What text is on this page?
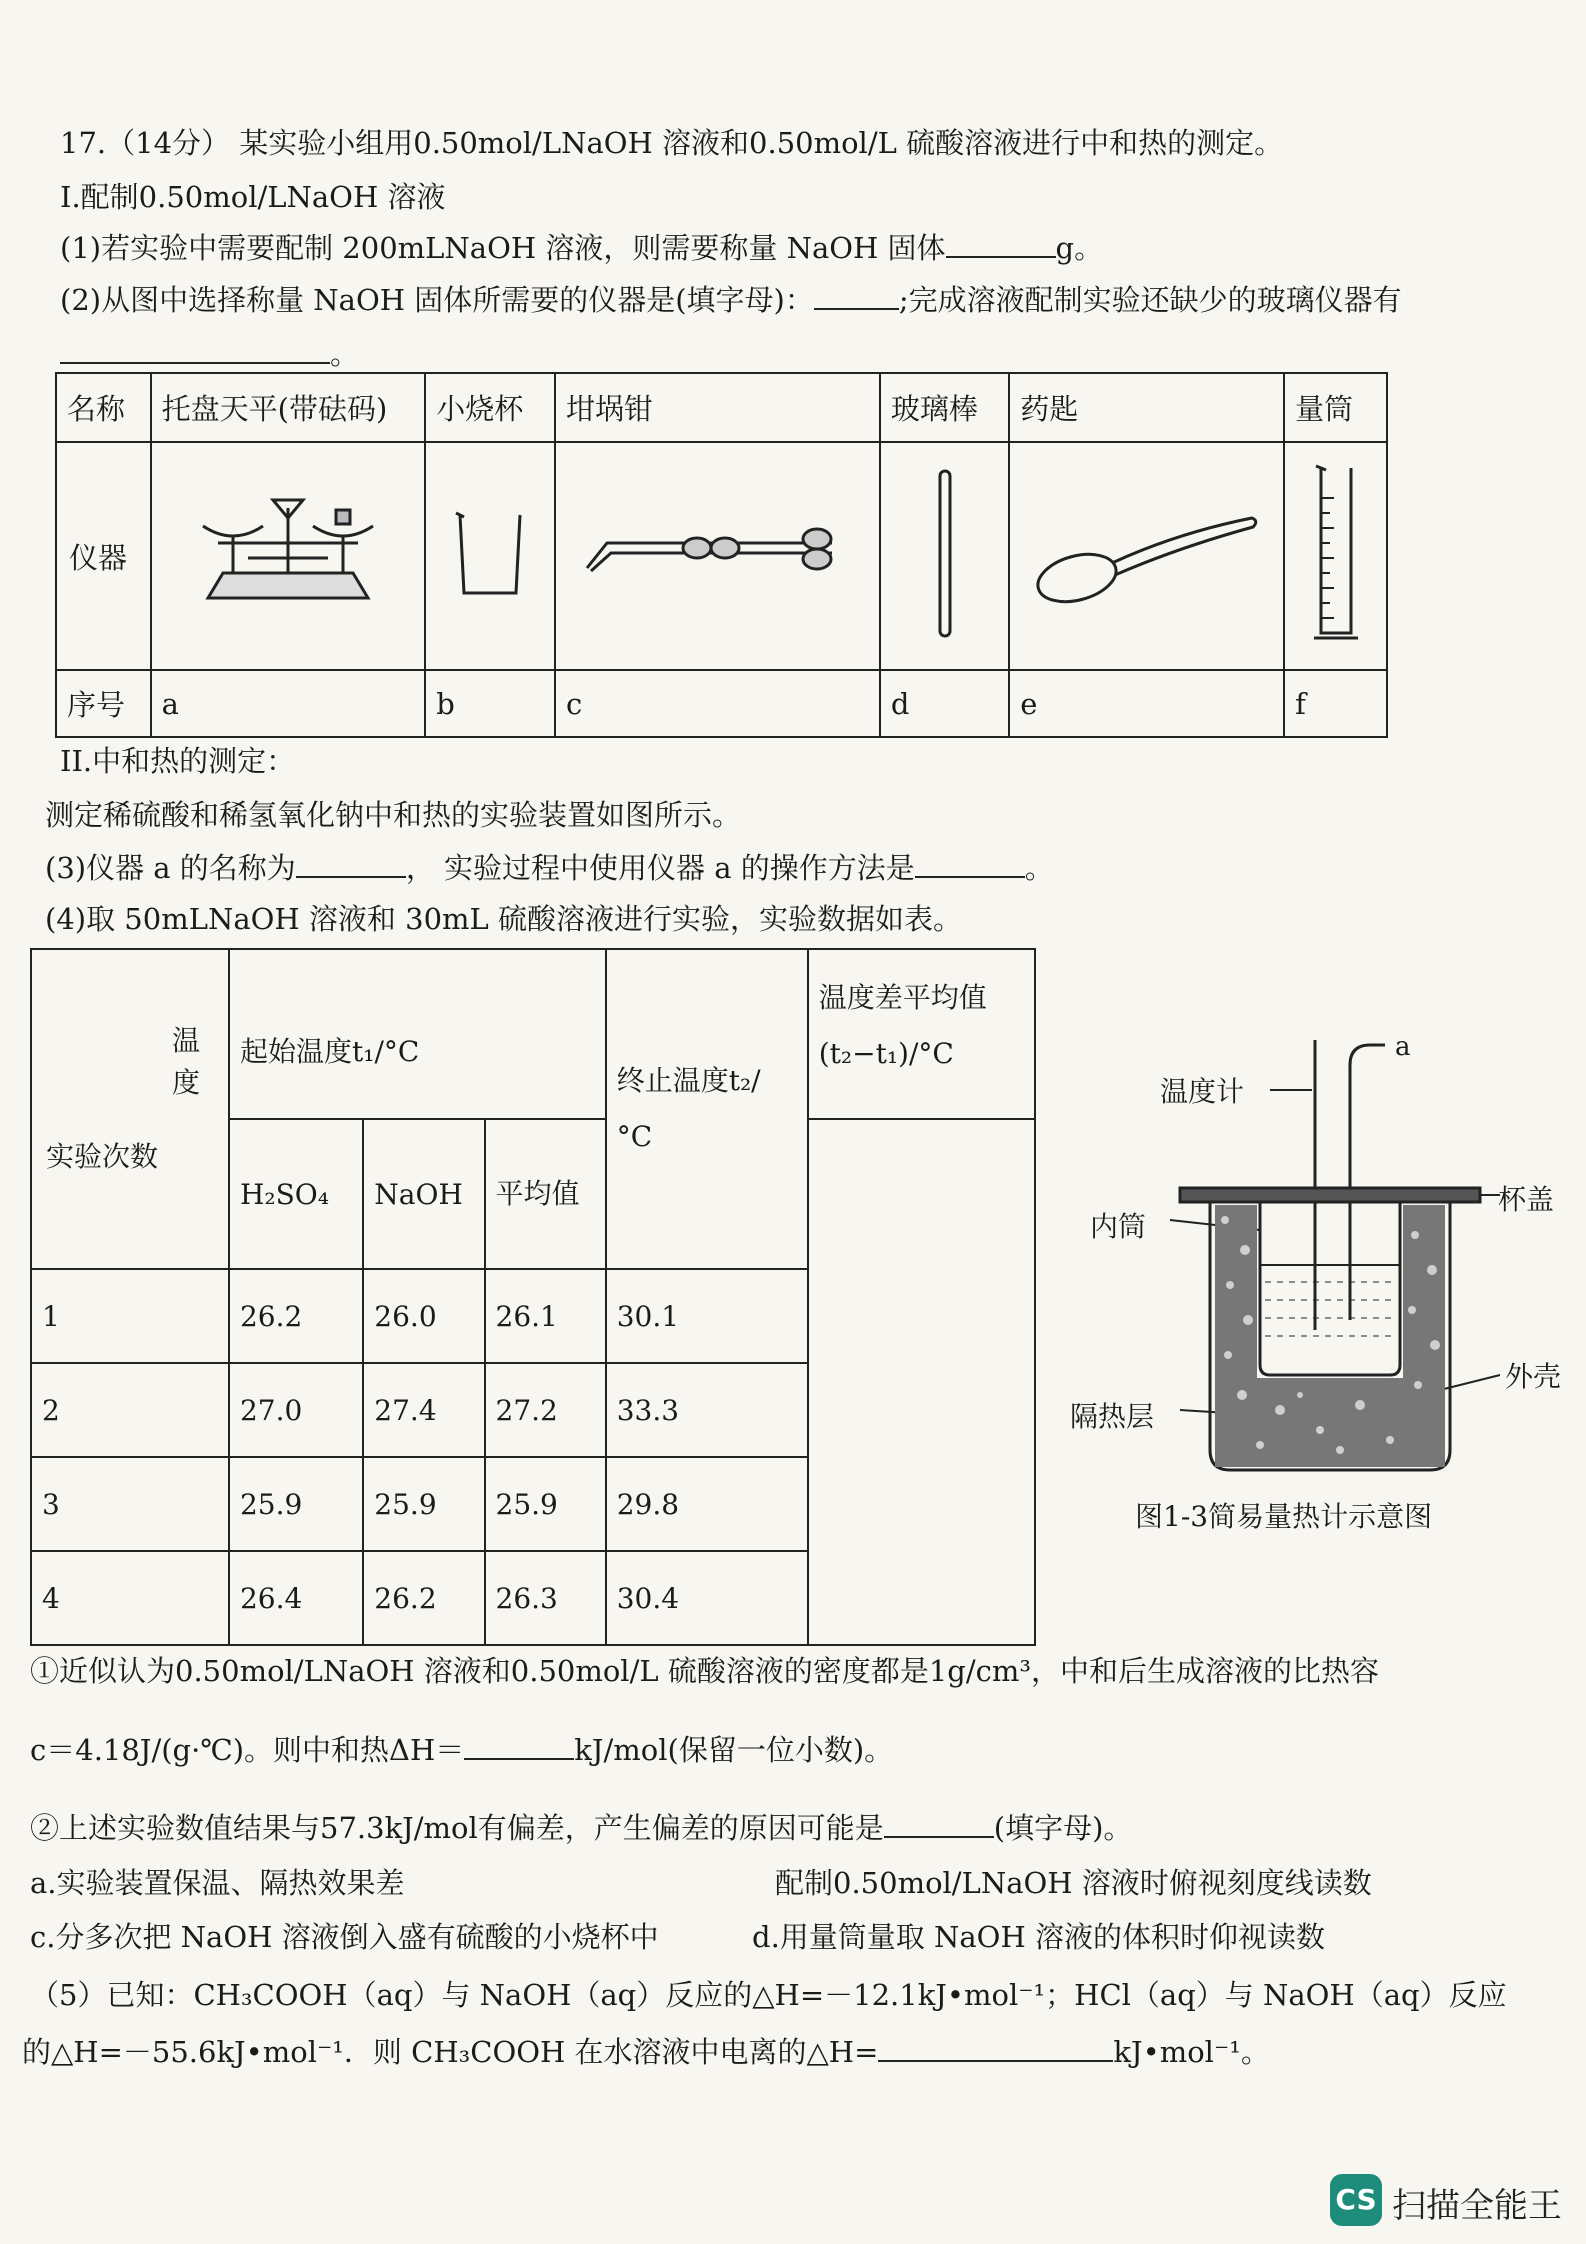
17.（14分） 某实验小组用0.50mol/LNaOH 溶液和0.50mol/L 硫酸溶液进行中和热的测定。
I.配制0.50mol/LNaOH 溶液
(1)若实验中需要配制 200mLNaOH 溶液，则需要称量 NaOH 固体	g。
(2)从图中选择称量 NaOH 固体所需要的仪器是(填字母)：	;完成溶液配制实验还缺少的玻璃仪器有
。
名称	托盘天平(带砝码)	小烧杯	坩埚钳	玻璃棒	药匙	量筒
仪器						
序号	a	b	c	d	e	f
II.中和热的测定：
测定稀硫酸和稀氢氧化钠中和热的实验装置如图所示。
(3)仪器 a 的名称为	， 实验过程中使用仪器 a 的操作方法是	。
(4)取 50mLNaOH 溶液和 30mL 硫酸溶液进行实验，实验数据如表。
温度
实验次数	起始温度t₁/°C			终止温度t₂/°C	温度差平均值(t₂−t₁)/°C
	H₂SO₄	NaOH	平均值		
1	26.2	26.0	26.1	30.1	
2	27.0	27.4	27.2	33.3	
3	25.9	25.9	25.9	29.8	
4	26.4	26.2	26.3	30.4	
温度计
a
杯盖
内筒
外壳
隔热层
图1-3简易量热计示意图
①近似认为0.50mol/LNaOH 溶液和0.50mol/L 硫酸溶液的密度都是1g/cm³，中和后生成溶液的比热容
c＝4.18J/(g·℃)。则中和热ΔH＝	kJ/mol(保留一位小数)。
②上述实验数值结果与57.3kJ/mol有偏差，产生偏差的原因可能是	(填字母)。
a.实验装置保温、隔热效果差	配制0.50mol/LNaOH 溶液时俯视刻度线读数
c.分多次把 NaOH 溶液倒入盛有硫酸的小烧杯中	d.用量筒量取 NaOH 溶液的体积时仰视读数
（5）已知：CH₃COOH（aq）与 NaOH（aq）反应的△H=－12.1kJ•mol⁻¹；HCl（aq）与 NaOH（aq）反应
的△H=－55.6kJ•mol⁻¹．则 CH₃COOH 在水溶液中电离的△H=	kJ•mol⁻¹。
CS 扫描全能王
